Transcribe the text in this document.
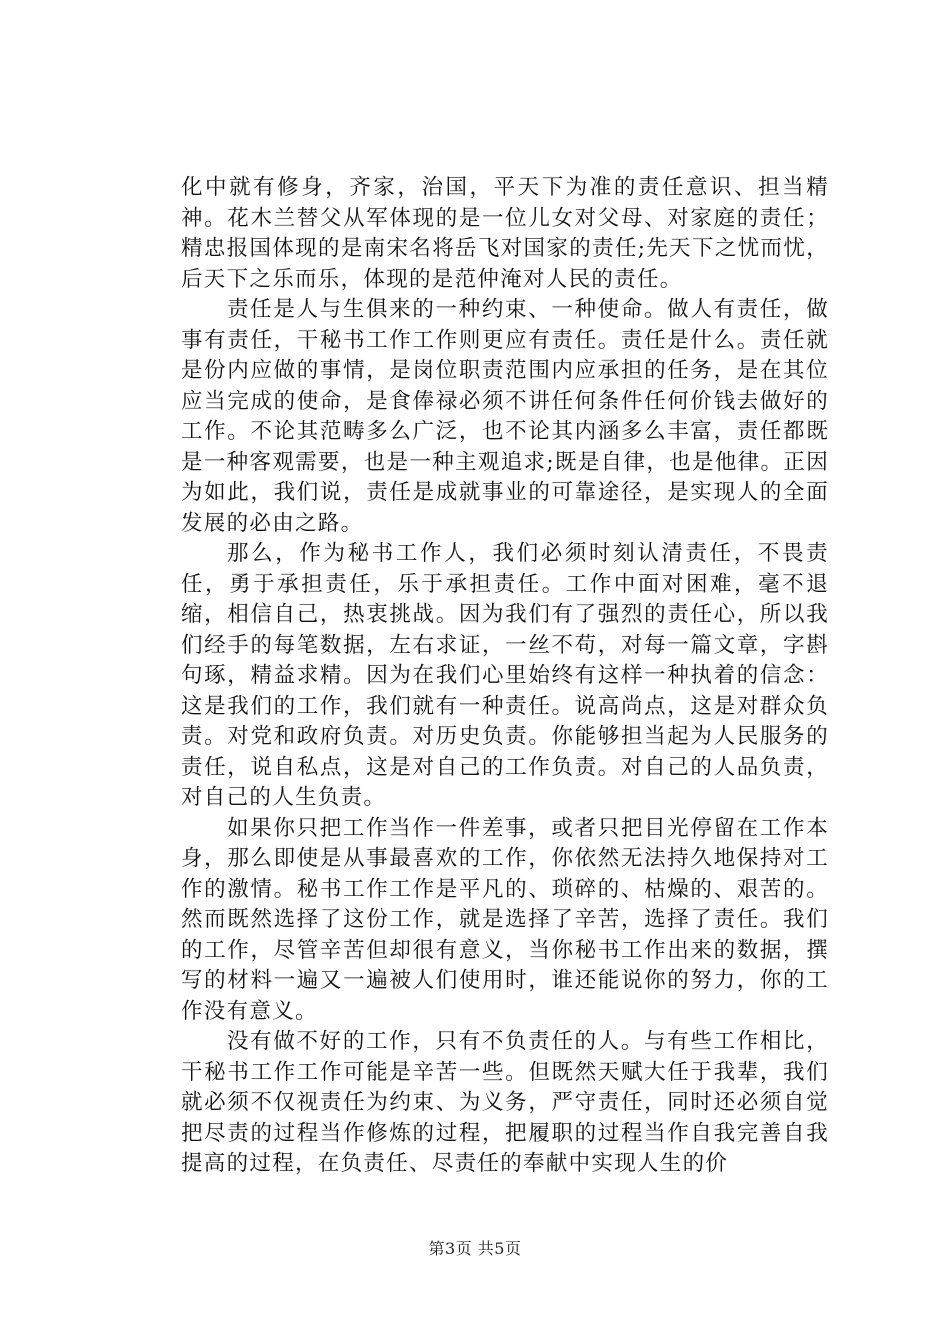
化中就有修身，齐家，治国，平天下为准的责任意识、担当精神。花木兰替父从军体现的是一位儿女对父母、对家庭的责任；精忠报国体现的是南宋名将岳飞对国家的责任;先天下之忧而忧，后天下之乐而乐，体现的是范仲淹对人民的责任。

责任是人与生俱来的一种约束、一种使命。做人有责任，做事有责任，干秘书工作工作则更应有责任。责任是什么。责任就是份内应做的事情，是岗位职责范围内应承担的任务，是在其位应当完成的使命，是食俸禄必须不讲任何条件任何价钱去做好的工作。不论其范畴多么广泛，也不论其内涵多么丰富，责任都既是一种客观需要，也是一种主观追求;既是自律，也是他律。正因为如此，我们说，责任是成就事业的可靠途径，是实现人的全面发展的必由之路。

那么，作为秘书工作人，我们必须时刻认清责任，不畏责任，勇于承担责任，乐于承担责任。工作中面对困难，毫不退缩，相信自己，热衷挑战。因为我们有了强烈的责任心，所以我们经手的每笔数据，左右求证，一丝不苟，对每一篇文章，字斟句琢，精益求精。因为在我们心里始终有这样一种执着的信念：这是我们的工作，我们就有一种责任。说高尚点，这是对群众负责。对党和政府负责。对历史负责。你能够担当起为人民服务的责任，说自私点，这是对自己的工作负责。对自己的人品负责，对自己的人生负责。

如果你只把工作当作一件差事，或者只把目光停留在工作本身，那么即使是从事最喜欢的工作，你依然无法持久地保持对工作的激情。秘书工作工作是平凡的、琐碎的、枯燥的、艰苦的。然而既然选择了这份工作，就是选择了辛苦，选择了责任。我们的工作，尽管辛苦但却很有意义，当你秘书工作出来的数据，撰写的材料一遍又一遍被人们使用时，谁还能说你的努力，你的工作没有意义。

没有做不好的工作，只有不负责任的人。与有些工作相比，干秘书工作工作可能是辛苦一些。但既然天赋大任于我辈，我们就必须不仅视责任为约束、为义务，严守责任，同时还必须自觉把尽责的过程当作修炼的过程，把履职的过程当作自我完善自我提高的过程，在负责任、尽责任的奉献中实现人生的价

第3页 共5页
